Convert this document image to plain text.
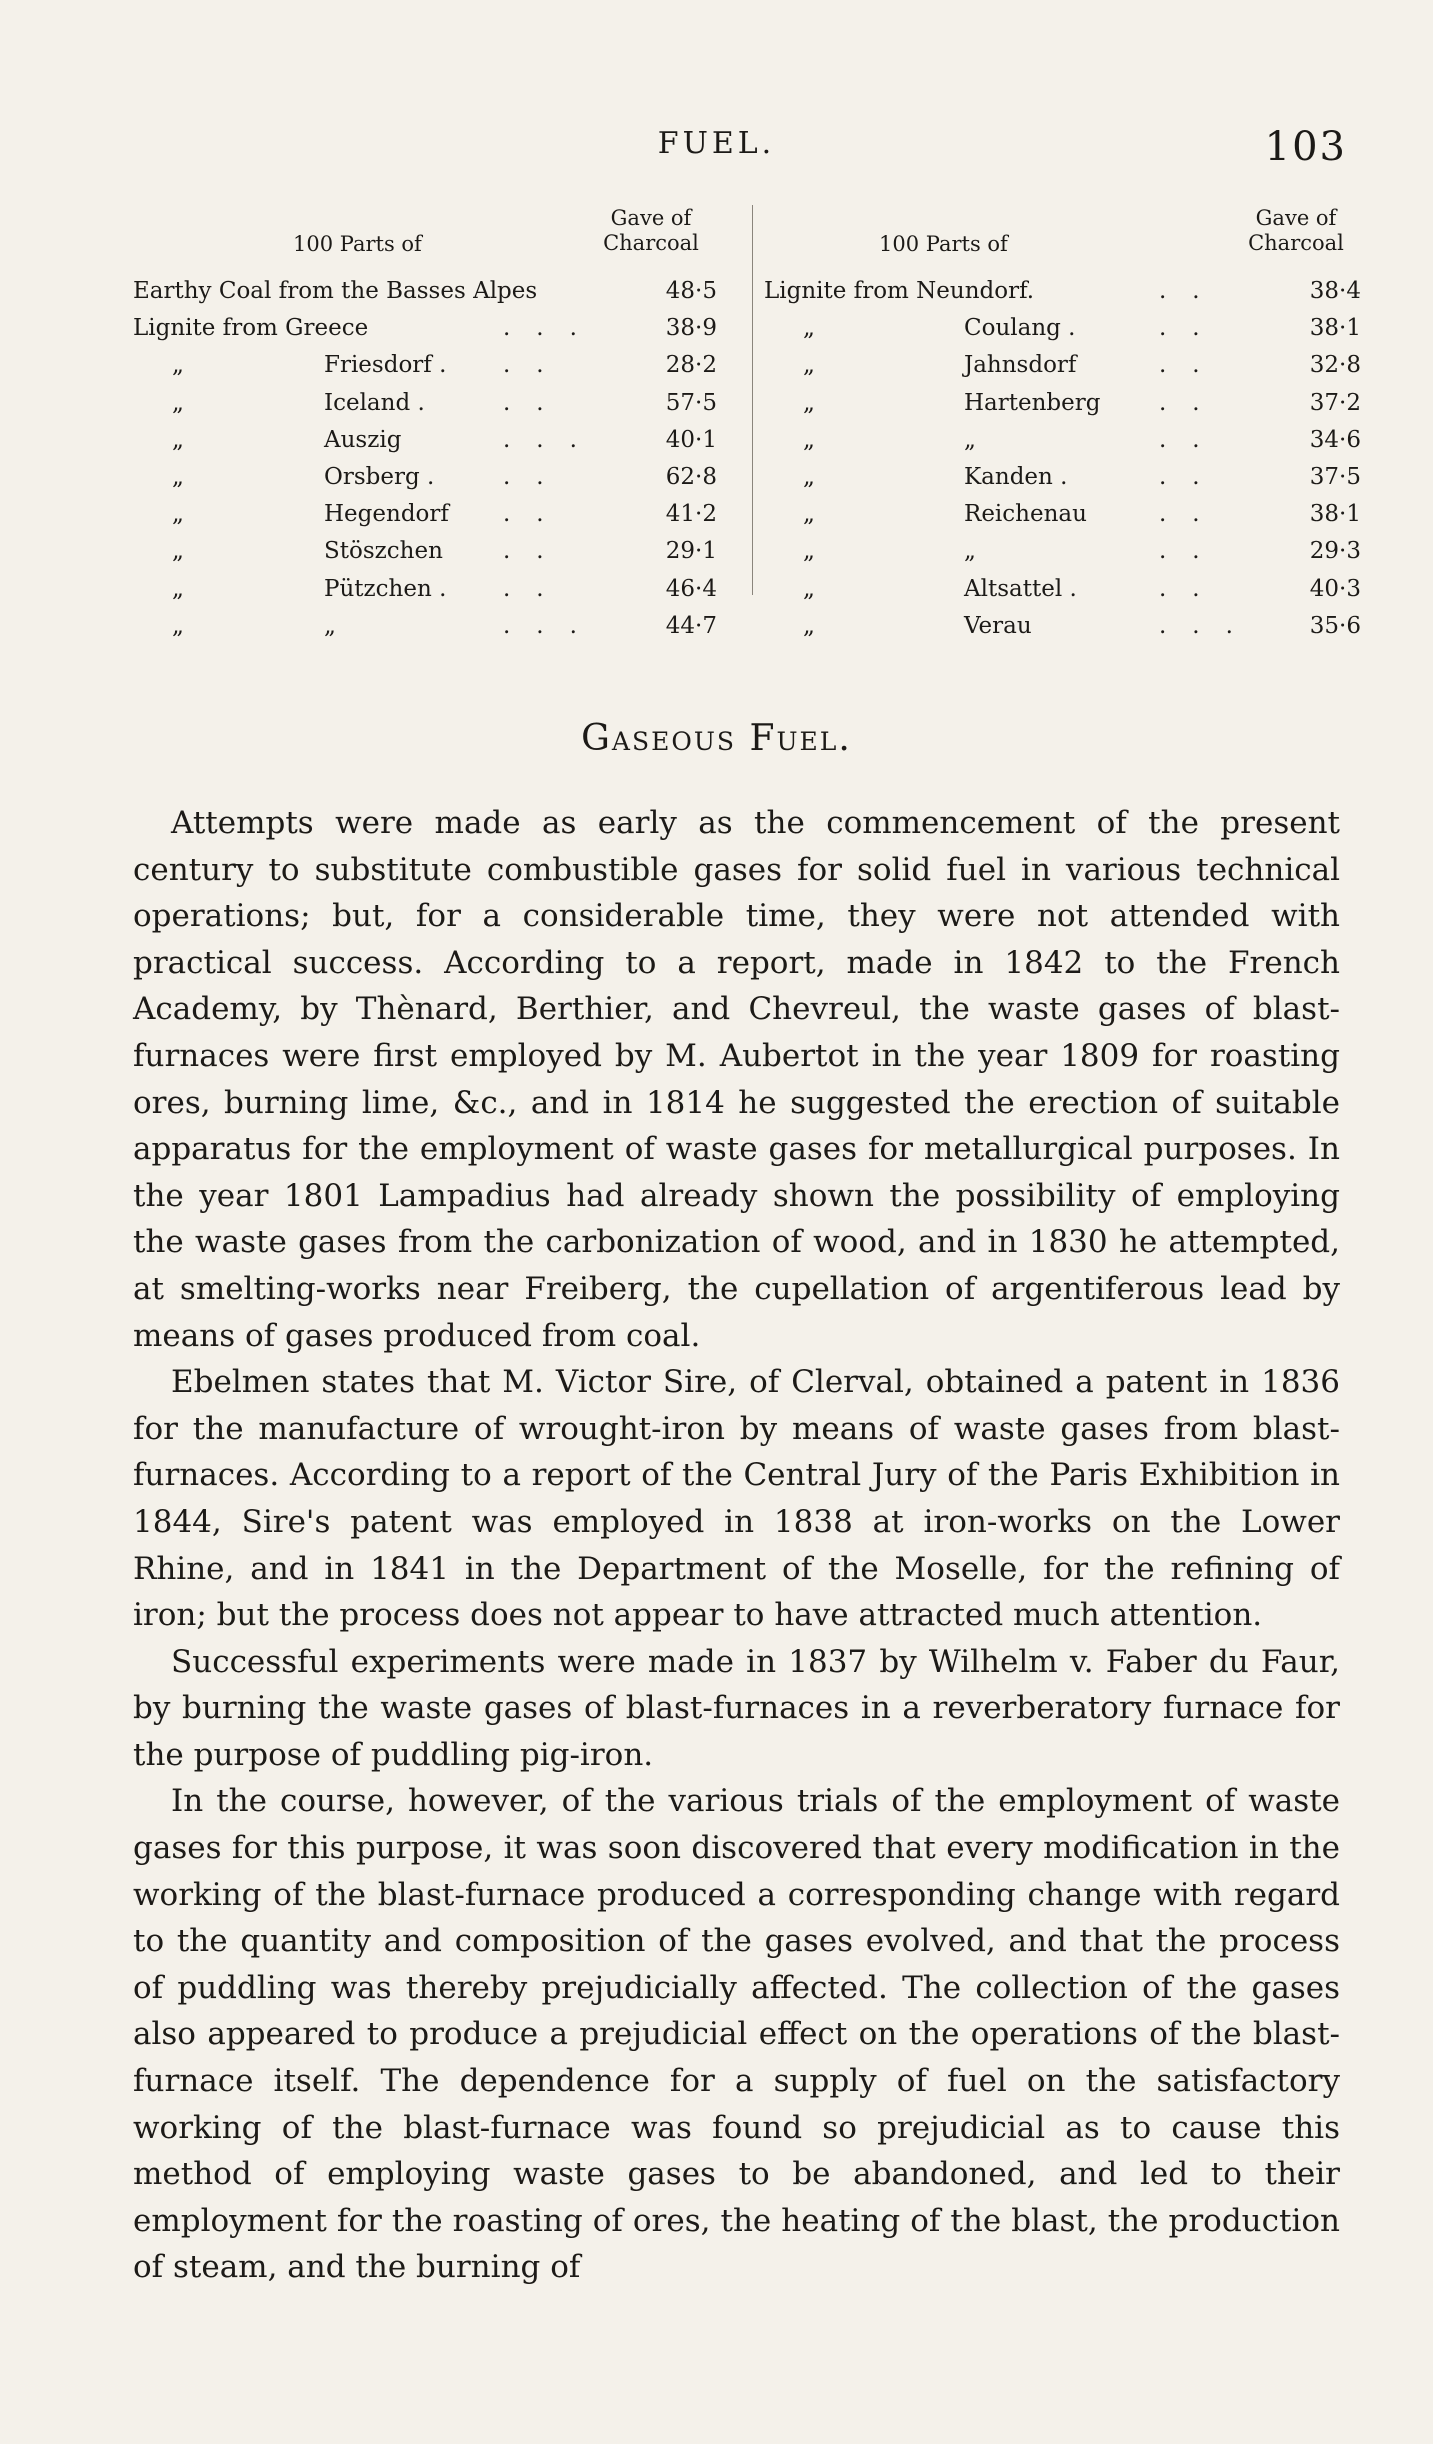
FUEL.	103
100 Parts of
Gave of
Charcoal
Earthy Coal from the Basses Alpes	48·5
Lignite from Greece	...	38·9
„	Friesdorf . ..	28·2
„	Iceland .	..	57·5
„	Auszig	...	40·1
„	Orsberg .	..	62·8
„	Hegendorf ..	41·2
„	Stöszchen	..	29·1
„	Pützchen . ..	46·4
„	„	...	44·7
100 Parts of
Gave of
Charcoal
Lignite from Neundorf.	..	38·4
„	Coulang .	..	38·1
„	Jahnsdorf	..	32·8
„	Hartenberg	..	37·2
„	„	..	34·6
„	Kanden .	..	37·5
„	Reichenau	..	38·1
„	„	..	29·3
„	Altsattel .	..	40·3
„	Verau	... 35·6
Gaseous Fuel.

Attempts were made as early as the commencement of the present century to substitute combustible gases for solid fuel in various technical operations; but, for a considerable time, they were not attended with practical success. According to a report, made in 1842 to the French Academy, by Thènard, Berthier, and Chevreul, the waste gases of blast-furnaces were first employed by M. Aubertot in the year 1809 for roasting ores, burning lime, &c., and in 1814 he suggested the erection of suitable apparatus for the employment of waste gases for metallurgical purposes. In the year 1801 Lampadius had already shown the possibility of employing the waste gases from the carbonization of wood, and in 1830 he attempted, at smelting-works near Freiberg, the cupellation of argentiferous lead by means of gases produced from coal.

Ebelmen states that M. Victor Sire, of Clerval, obtained a patent in 1836 for the manufacture of wrought-iron by means of waste gases from blast-furnaces. According to a report of the Central Jury of the Paris Exhibition in 1844, Sire's patent was employed in 1838 at iron-works on the Lower Rhine, and in 1841 in the Department of the Moselle, for the refining of iron; but the process does not appear to have attracted much attention.

Successful experiments were made in 1837 by Wilhelm v. Faber du Faur, by burning the waste gases of blast-furnaces in a reverberatory furnace for the purpose of puddling pig-iron.

In the course, however, of the various trials of the employment of waste gases for this purpose, it was soon discovered that every modification in the working of the blast-furnace produced a corresponding change with regard to the quantity and composition of the gases evolved, and that the process of puddling was thereby prejudicially affected. The collection of the gases also appeared to produce a prejudicial effect on the operations of the blast-furnace itself. The dependence for a supply of fuel on the satisfactory working of the blast-furnace was found so prejudicial as to cause this method of employing waste gases to be abandoned, and led to their employment for the roasting of ores, the heating of the blast, the production of steam, and the burning of
